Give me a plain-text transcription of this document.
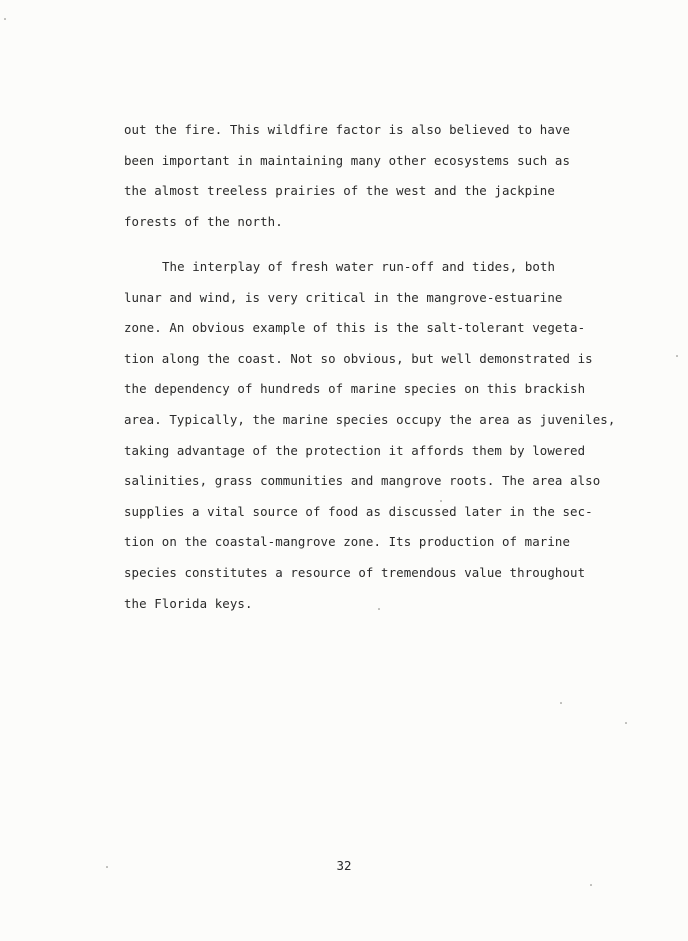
out the fire. This wildfire factor is also believed to have
been important in maintaining many other ecosystems such as
the almost treeless prairies of the west and the jackpine
forests of the north.
The interplay of fresh water run-off and tides, both
lunar and wind, is very critical in the mangrove-estuarine
zone. An obvious example of this is the salt-tolerant vegeta-
tion along the coast. Not so obvious, but well demonstrated is
the dependency of hundreds of marine species on this brackish
area. Typically, the marine species occupy the area as juveniles,
taking advantage of the protection it affords them by lowered
salinities, grass communities and mangrove roots. The area also
supplies a vital source of food as discussed later in the sec-
tion on the coastal-mangrove zone. Its production of marine
species constitutes a resource of tremendous value throughout
the Florida keys.
32
